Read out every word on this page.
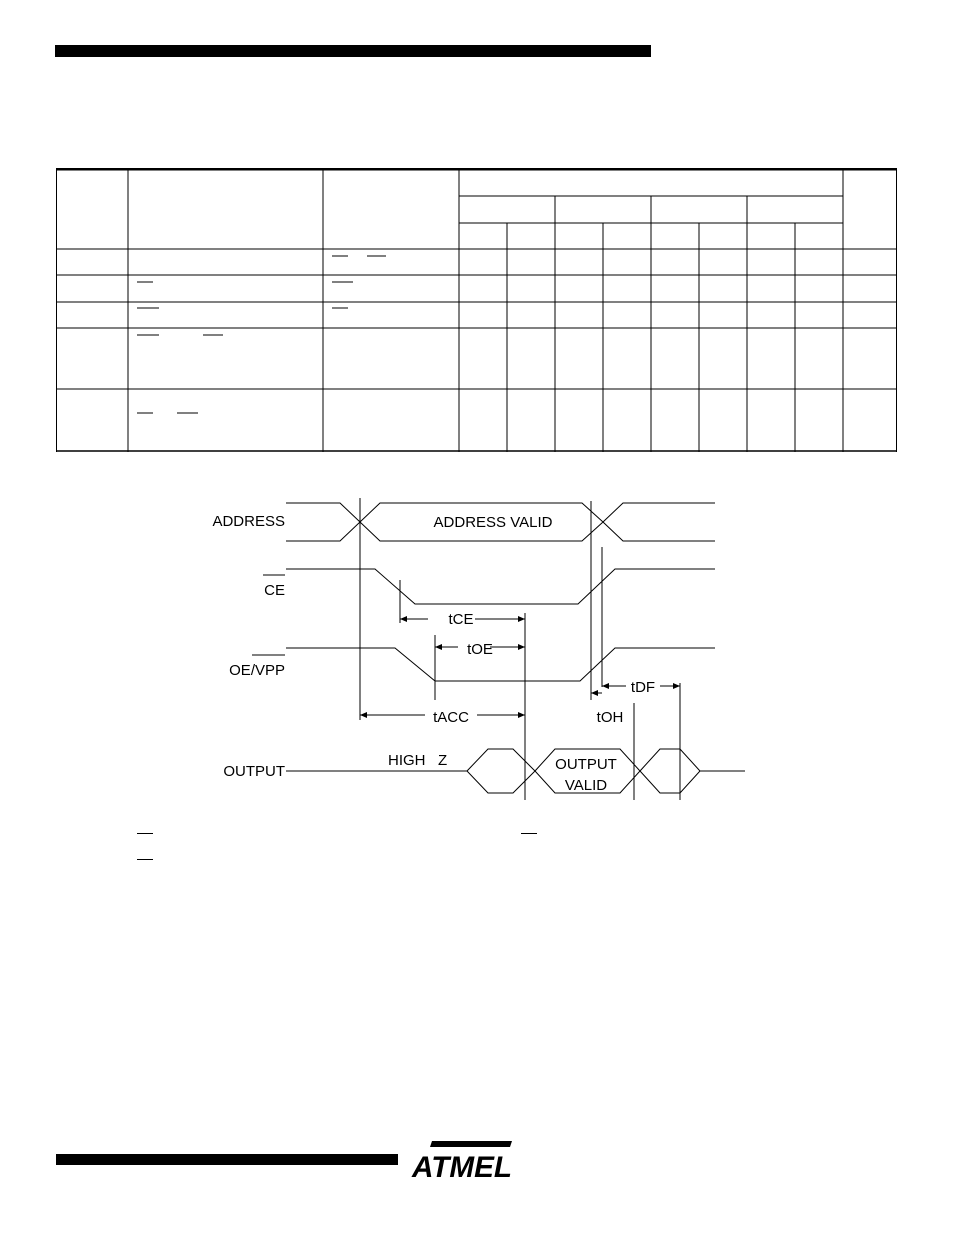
ADDRESS
CE
OE/VPP
OUTPUT
ADDRESS VALID
HIGH   Z	OUTPUT
VALID
tCE
tOE
tACC	tOH
tDF
ATMEL
